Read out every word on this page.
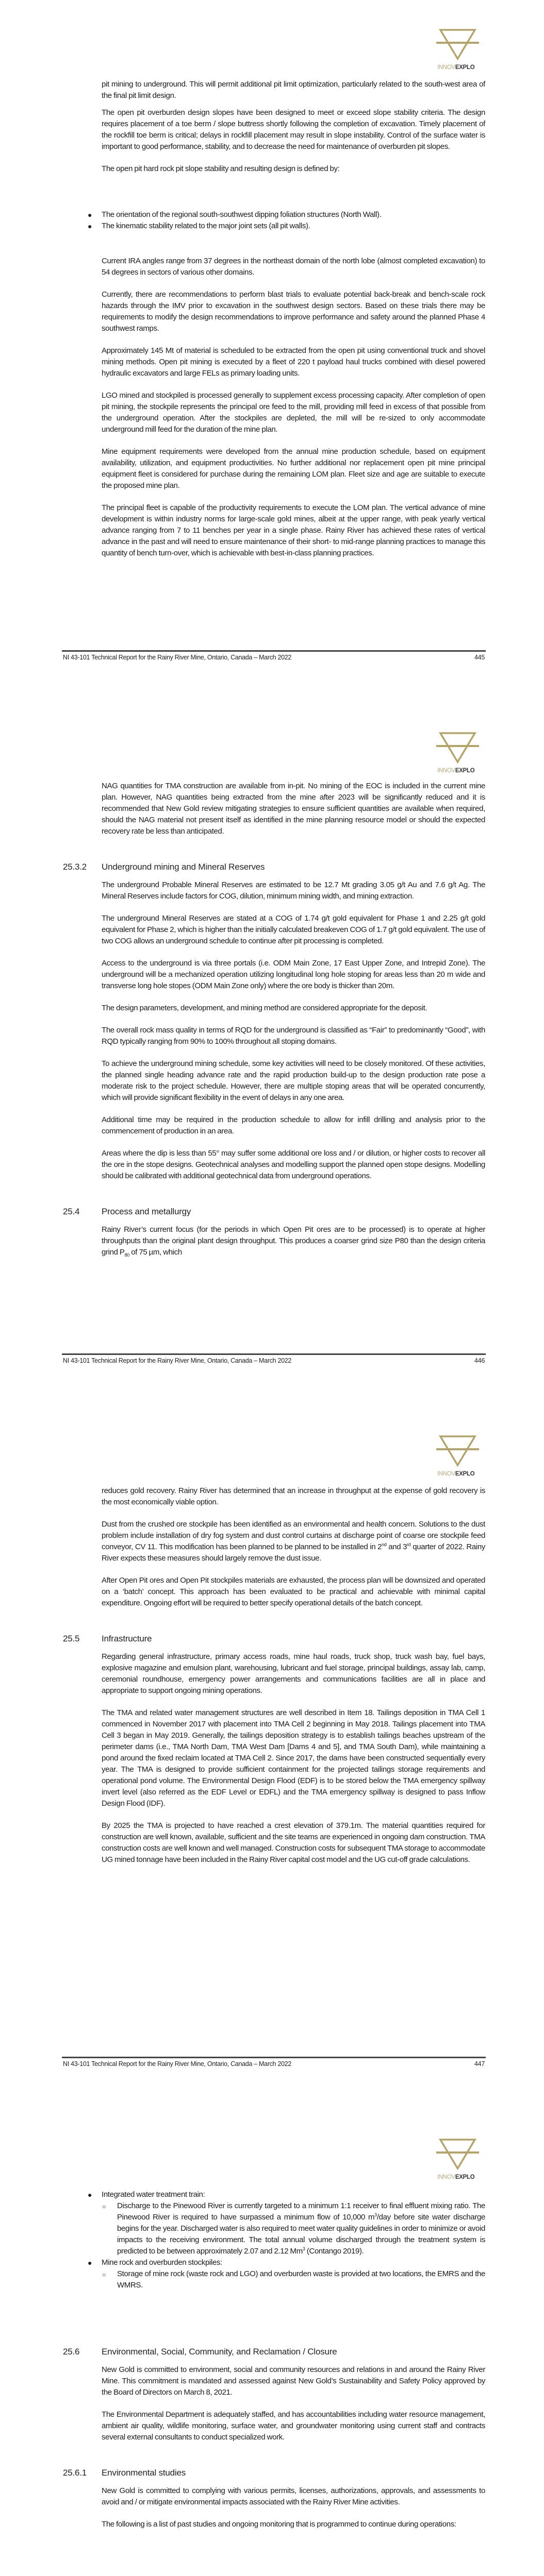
INNOVEXPLO

pit mining to underground. This will permit additional pit limit optimization, particularly related to the south-west area of the final pit limit design.

The open pit overburden design slopes have been designed to meet or exceed slope stability criteria. The design requires placement of a toe berm / slope buttress shortly following the completion of excavation. Timely placement of the rockfill toe berm is critical; delays in rockfill placement may result in slope instability. Control of the surface water is important to good performance, stability, and to decrease the need for maintenance of overburden pit slopes.

The open pit hard rock pit slope stability and resulting design is defined by:

● The orientation of the regional south-southwest dipping foliation structures (North Wall).
● The kinematic stability related to the major joint sets (all pit walls).

Current IRA angles range from 37 degrees in the northeast domain of the north lobe (almost completed excavation) to 54 degrees in sectors of various other domains.

Currently, there are recommendations to perform blast trials to evaluate potential back-break and bench-scale rock hazards through the IMV prior to excavation in the southwest design sectors. Based on these trials there may be requirements to modify the design recommendations to improve performance and safety around the planned Phase 4 southwest ramps.

Approximately 145 Mt of material is scheduled to be extracted from the open pit using conventional truck and shovel mining methods. Open pit mining is executed by a fleet of 220 t payload haul trucks combined with diesel powered hydraulic excavators and large FELs as primary loading units.

LGO mined and stockpiled is processed generally to supplement excess processing capacity. After completion of open pit mining, the stockpile represents the principal ore feed to the mill, providing mill feed in excess of that possible from the underground operation. After the stockpiles are depleted, the mill will be re-sized to only accommodate underground mill feed for the duration of the mine plan.

Mine equipment requirements were developed from the annual mine production schedule, based on equipment availability, utilization, and equipment productivities. No further additional nor replacement open pit mine principal equipment fleet is considered for purchase during the remaining LOM plan. Fleet size and age are suitable to execute the proposed mine plan.

The principal fleet is capable of the productivity requirements to execute the LOM plan. The vertical advance of mine development is within industry norms for large-scale gold mines, albeit at the upper range, with peak yearly vertical advance ranging from 7 to 11 benches per year in a single phase. Rainy River has achieved these rates of vertical advance in the past and will need to ensure maintenance of their short- to mid-range planning practices to manage this quantity of bench turn-over, which is achievable with best-in-class planning practices.

NI 43-101 Technical Report for the Rainy River Mine, Ontario, Canada – March 2022	445
INNOVEXPLO

NAG quantities for TMA construction are available from in-pit. No mining of the EOC is included in the current mine plan. However, NAG quantities being extracted from the mine after 2023 will be significantly reduced and it is recommended that New Gold review mitigating strategies to ensure sufficient quantities are available when required, should the NAG material not present itself as identified in the mine planning resource model or should the expected recovery rate be less than anticipated.

25.3.2 Underground mining and Mineral Reserves

The underground Probable Mineral Reserves are estimated to be 12.7 Mt grading 3.05 g/t Au and 7.6 g/t Ag. The Mineral Reserves include factors for COG, dilution, minimum mining width, and mining extraction.

The underground Mineral Reserves are stated at a COG of 1.74 g/t gold equivalent for Phase 1 and 2.25 g/t gold equivalent for Phase 2, which is higher than the initially calculated breakeven COG of 1.7 g/t gold equivalent. The use of two COG allows an underground schedule to continue after pit processing is completed.

Access to the underground is via three portals (i.e. ODM Main Zone, 17 East Upper Zone, and Intrepid Zone). The underground will be a mechanized operation utilizing longitudinal long hole stoping for areas less than 20 m wide and transverse long hole stopes (ODM Main Zone only) where the ore body is thicker than 20m.

The design parameters, development, and mining method are considered appropriate for the deposit.

The overall rock mass quality in terms of RQD for the underground is classified as “Fair” to predominantly “Good”, with RQD typically ranging from 90% to 100% throughout all stoping domains.

To achieve the underground mining schedule, some key activities will need to be closely monitored. Of these activities, the planned single heading advance rate and the rapid production build-up to the design production rate pose a moderate risk to the project schedule. However, there are multiple stoping areas that will be operated concurrently, which will provide significant flexibility in the event of delays in any one area.

Additional time may be required in the production schedule to allow for infill drilling and analysis prior to the commencement of production in an area.

Areas where the dip is less than 55° may suffer some additional ore loss and / or dilution, or higher costs to recover all the ore in the stope designs. Geotechnical analyses and modelling support the planned open stope designs. Modelling should be calibrated with additional geotechnical data from underground operations.

25.4	Process and metallurgy

Rainy River’s current focus (for the periods in which Open Pit ores are to be processed) is to operate at higher throughputs than the original plant design throughput. This produces a coarser grind size P80 than the design criteria grind $P_{80}$ of 75 µm, which

NI 43-101 Technical Report for the Rainy River Mine, Ontario, Canada – March 2022	446
INNOVEXPLO

reduces gold recovery. Rainy River has determined that an increase in throughput at the expense of gold recovery is the most economically viable option.

Dust from the crushed ore stockpile has been identified as an environmental and health concern. Solutions to the dust problem include installation of dry fog system and dust control curtains at discharge point of coarse ore stockpile feed conveyor, CV 11. This modification has been planned to be planned to be installed in 2nd and 3rd quarter of 2022. Rainy River expects these measures should largely remove the dust issue.

After Open Pit ores and Open Pit stockpiles materials are exhausted, the process plan will be downsized and operated on a ‘batch’ concept. This approach has been evaluated to be practical and achievable with minimal capital expenditure. Ongoing effort will be required to better specify operational details of the batch concept.

25.5	Infrastructure

Regarding general infrastructure, primary access roads, mine haul roads, truck shop, truck wash bay, fuel bays, explosive magazine and emulsion plant, warehousing, lubricant and fuel storage, principal buildings, assay lab, camp, ceremonial roundhouse, emergency power arrangements and communications facilities are all in place and appropriate to support ongoing mining operations.

The TMA and related water management structures are well described in Item 18. Tailings deposition in TMA Cell 1 commenced in November 2017 with placement into TMA Cell 2 beginning in May 2018. Tailings placement into TMA Cell 3 began in May 2019. Generally, the tailings deposition strategy is to establish tailings beaches upstream of the perimeter dams (i.e., TMA North Dam, TMA West Dam [Dams 4 and 5], and TMA South Dam), while maintaining a pond around the fixed reclaim located at TMA Cell 2. Since 2017, the dams have been constructed sequentially every year. The TMA is designed to provide sufficient containment for the projected tailings storage requirements and operational pond volume. The Environmental Design Flood (EDF) is to be stored below the TMA emergency spillway invert level (also referred as the EDF Level or EDFL) and the TMA emergency spillway is designed to pass Inflow Design Flood (IDF).

By 2025 the TMA is projected to have reached a crest elevation of 379.1m. The material quantities required for construction are well known, available, sufficient and the site teams are experienced in ongoing dam construction. TMA construction costs are well known and well managed. Construction costs for subsequent TMA storage to accommodate UG mined tonnage have been included in the Rainy River capital cost model and the UG cut-off grade calculations.

NI 43-101 Technical Report for the Rainy River Mine, Ontario, Canada – March 2022	447
INNOVEXPLO
● Integrated water treatment train:
○ Discharge to the Pinewood River is currently targeted to a minimum 1:1 receiver to final effluent mixing ratio. The Pinewood River is required to have surpassed a minimum flow of 10,000 $m^3$/day before site water discharge begins for the year. Discharged water is also required to meet water quality guidelines in order to minimize or avoid impacts to the receiving environment. The total annual volume discharged through the treatment system is predicted to be between approximately 2.07 and 2.12 Mm$^3$ (Contango 2019).
● Mine rock and overburden stockpiles:
○ Storage of mine rock (waste rock and LGO) and overburden waste is provided at two locations, the EMRS and the WMRS.
25.6	Environmental, Social, Community, and Reclamation / Closure

New Gold is committed to environment, social and community resources and relations in and around the Rainy River Mine. This commitment is mandated and assessed against New Gold’s Sustainability and Safety Policy approved by the Board of Directors on March 8, 2021.

The Environmental Department is adequately staffed, and has accountabilities including water resource management, ambient air quality, wildlife monitoring, surface water, and groundwater monitoring using current staff and contracts several external consultants to conduct specialized work.

25.6.1 Environmental studies

New Gold is committed to complying with various permits, licenses, authorizations, approvals, and assessments to avoid and / or mitigate environmental impacts associated with the Rainy River Mine activities.

The following is a list of past studies and ongoing monitoring that is programmed to continue during operations:
